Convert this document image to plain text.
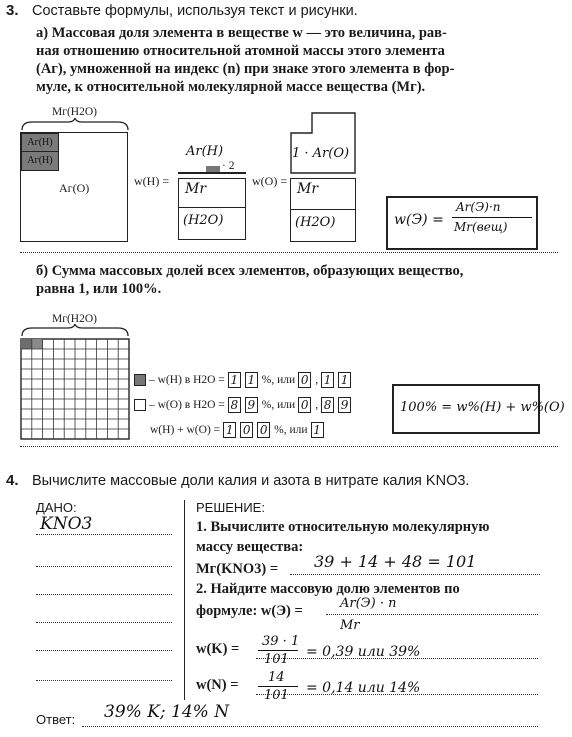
3. Составьте формулы, используя текст и рисунки.
а) Массовая доля элемента в веществе w — это величина, рав-
ная отношению относительной атомной массы этого элемента
(Aг), умноженной на индекс (n) при знаке этого элемента в фор-
муле, к относительной молекулярной массе вещества (Mг).
Mг(H2O)
Aг(H)
Aг(H)
Aг(O)	w(H) =
Ar(H)
· 2
Mr
(H2O)
w(O) =
1 · Ar(O)
Mr
(H2O)	w(Э) =
Ar(Э)·n
Mr(вещ)
б) Сумма массовых долей всех элементов, образующих вещество,
равна 1, или 100%.
Mг(H2O)
– w(H) в H2O = 1 1 %, или 0 , 1 1
– w(O) в H2O = 8 9 %, или 0 , 8 9
w(H) + w(O) = 1 0 0 %, или 1
100% = w%(H) + w%(O)
4. Вычислите массовые доли калия и азота в нитрате калия KNO3.
ДАНО:
KNO3
РЕШЕНИЕ:
1. Вычислите относительную молекулярную
массу вещества:
Mг(KNO3) = 39 + 14 + 48 = 101
2. Найдите массовую долю элементов по
формуле: w(Э) =	Ar(Э) · n
Mr
w(K) = 39 · 1
101 = 0,39 или 39%
w(N) = 14
101 = 0,14 или 14%
Ответ: 39% K; 14% N
